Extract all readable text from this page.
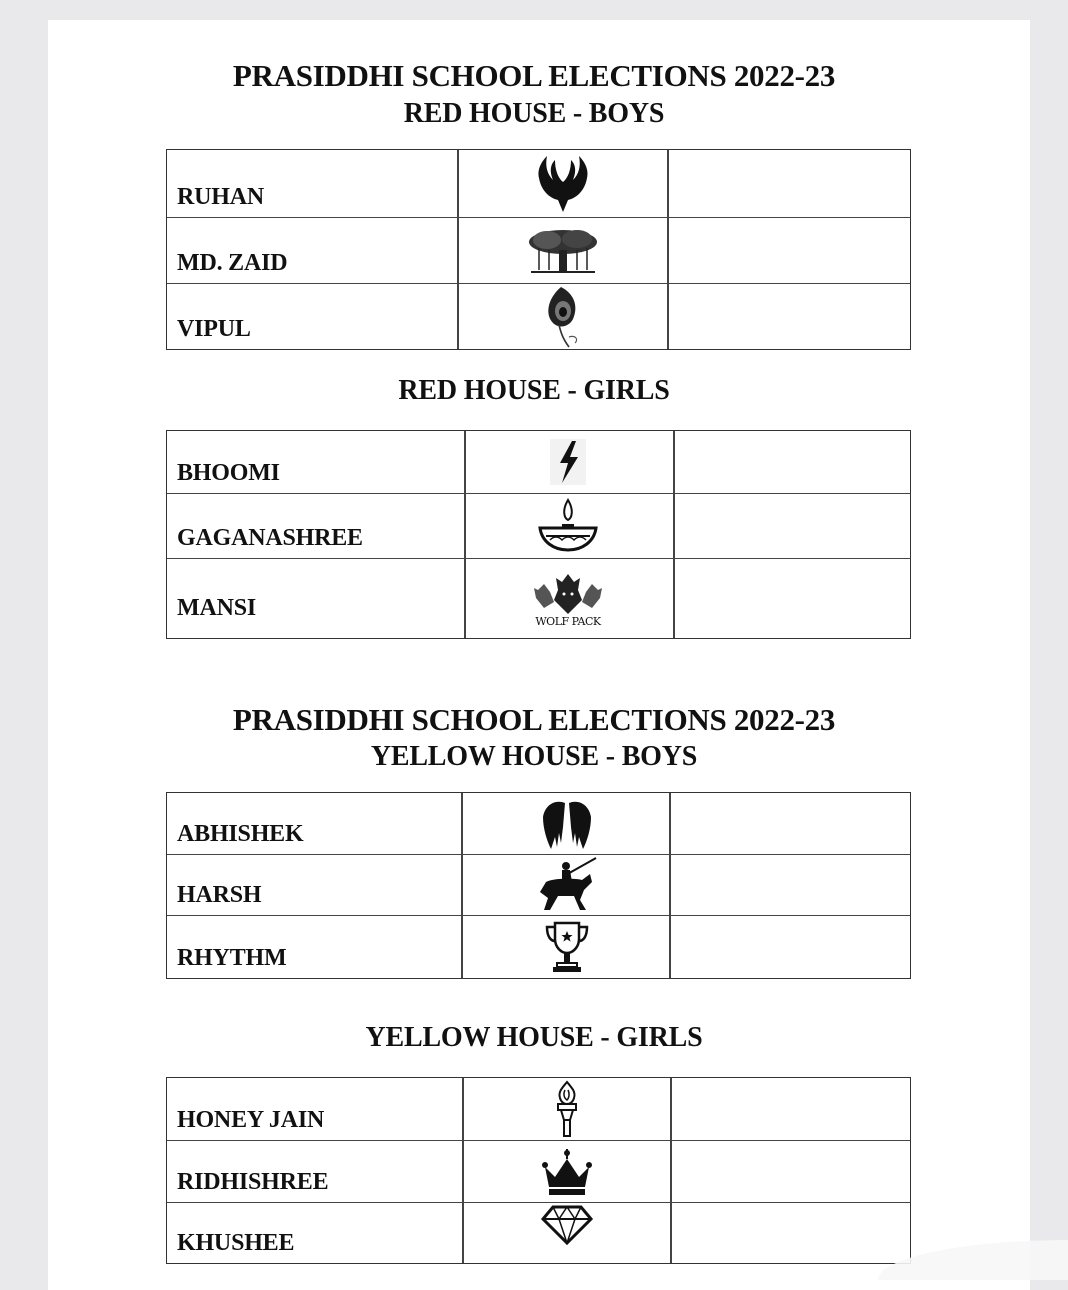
PRASIDDHI SCHOOL ELECTIONS 2022-23
RED HOUSE - BOYS
RUHAN
MD. ZAID
VIPUL
RED HOUSE - GIRLS
BHOOMI
GAGANASHREE
MANSI
WOLF PACK
PRASIDDHI SCHOOL ELECTIONS 2022-23
YELLOW HOUSE - BOYS
ABHISHEK
HARSH
RHYTHM
YELLOW HOUSE - GIRLS
HONEY JAIN
RIDHISHREE
KHUSHEE
